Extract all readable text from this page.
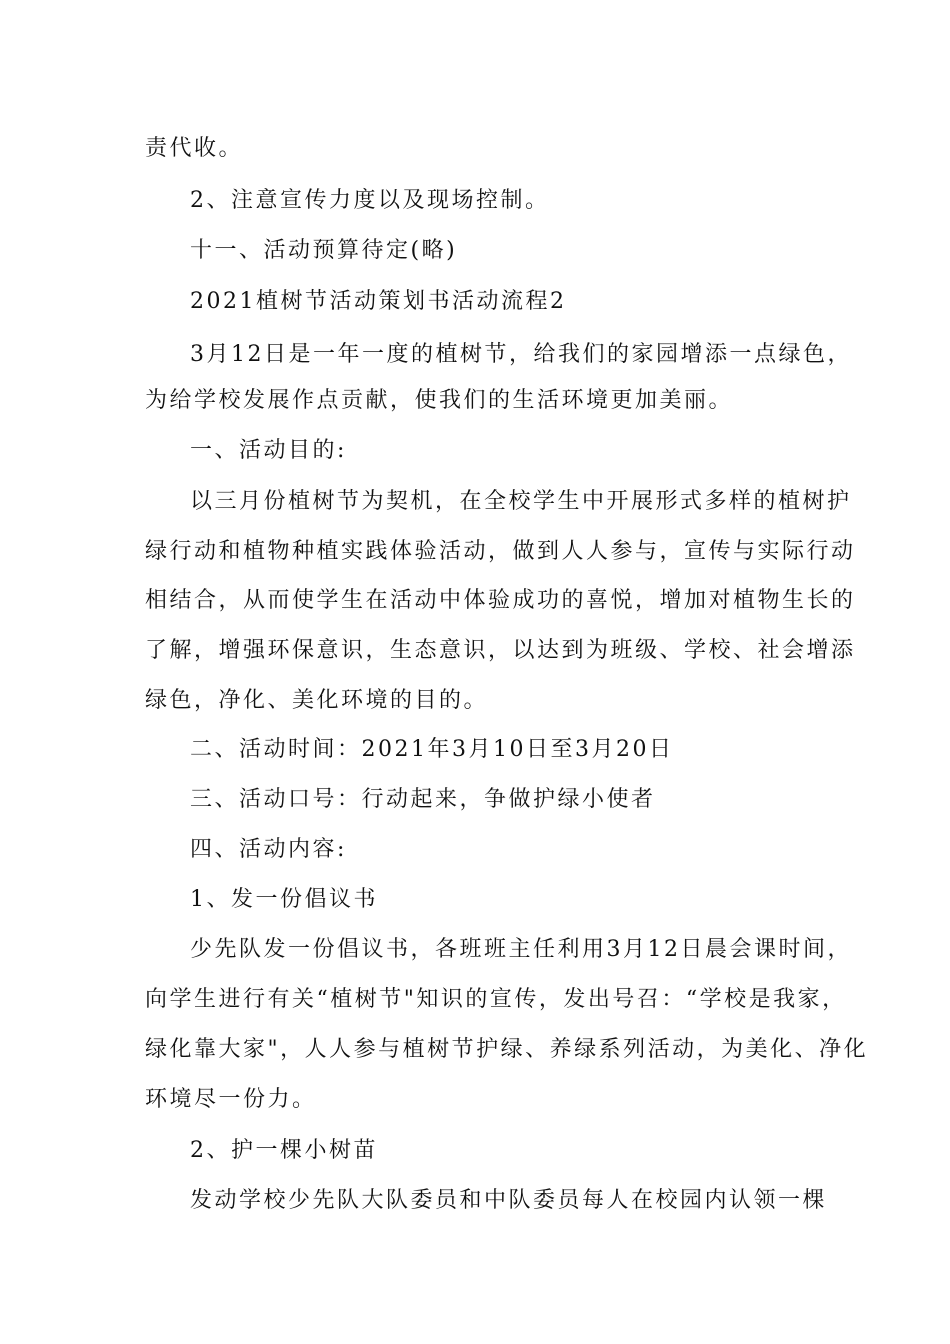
责代收。
2、注意宣传力度以及现场控制。
十一、活动预算待定(略)
2021植树节活动策划书活动流程2
3月12日是一年一度的植树节，给我们的家园增添一点绿色，
为给学校发展作点贡献，使我们的生活环境更加美丽。
一、活动目的:
以三月份植树节为契机，在全校学生中开展形式多样的植树护
绿行动和植物种植实践体验活动，做到人人参与，宣传与实际行动
相结合，从而使学生在活动中体验成功的喜悦，增加对植物生长的
了解，增强环保意识，生态意识，以达到为班级、学校、社会增添
绿色，净化、美化环境的目的。
二、活动时间：2021年3月10日至3月20日
三、活动口号：行动起来，争做护绿小使者
四、活动内容:
1、发一份倡议书
少先队发一份倡议书，各班班主任利用3月12日晨会课时间，
向学生进行有关“植树节"知识的宣传，发出号召：“学校是我家，
绿化靠大家"，人人参与植树节护绿、养绿系列活动，为美化、净化
环境尽一份力。
2、护一棵小树苗
发动学校少先队大队委员和中队委员每人在校园内认领一棵
